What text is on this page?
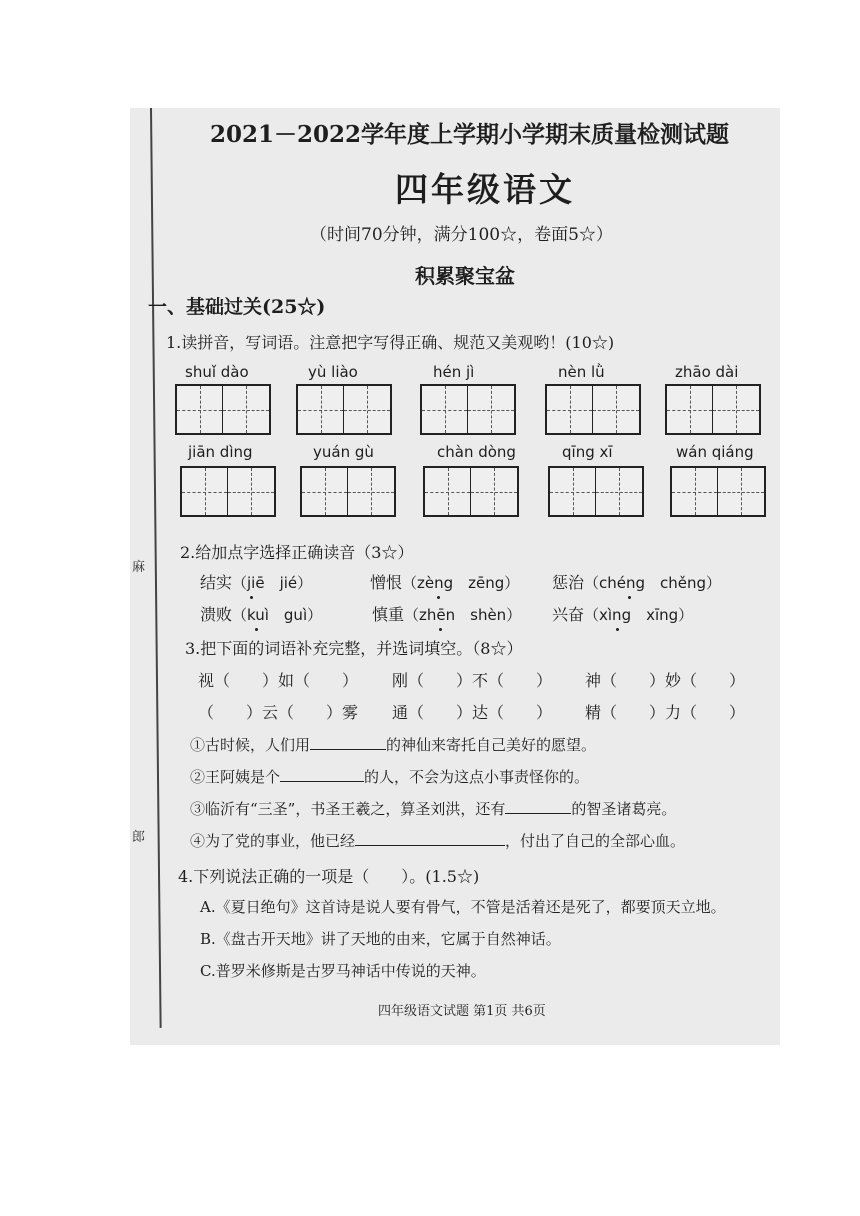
麻
郎
2021－2022学年度上学期小学期末质量检测试题
四年级语文
（时间70分钟，满分100☆，卷面5☆）
积累聚宝盆
一、基础过关(25☆)
1.读拼音，写词语。注意把字写得正确、规范又美观哟！(10☆)
shuǐ dào	yù liào	hén jì	nèn lǜ	zhāo dài
jiān dìng	yuán gù	chàn dòng	qīng xī	wán qiáng
2.给加点字选择正确读音（3☆）
结实（jiē　jié）	憎恨（zèng　zēng） 惩治（chéng　chěng）
溃败（kuì　guì）	慎重（zhēn　shèn） 兴奋（xìng　xīng）
3.把下面的词语补充完整，并选词填空。（8☆）
视（　　）如（　　） 刚（　　）不（　　） 神（　　）妙（　　）
（　　）云（　　）雾 通（　　）达（　　） 精（　　）力（　　）
①古时候，人们用	的神仙来寄托自己美好的愿望。
②王阿姨是个	的人，不会为这点小事责怪你的。
③临沂有“三圣”，书圣王羲之，算圣刘洪，还有	的智圣诸葛亮。
④为了党的事业，他已经	，付出了自己的全部心血。
4.下列说法正确的一项是（　　）。(1.5☆)
A.《夏日绝句》这首诗是说人要有骨气，不管是活着还是死了，都要顶天立地。
B.《盘古开天地》讲了天地的由来，它属于自然神话。
C.普罗米修斯是古罗马神话中传说的天神。
四年级语文试题 第1页 共6页
